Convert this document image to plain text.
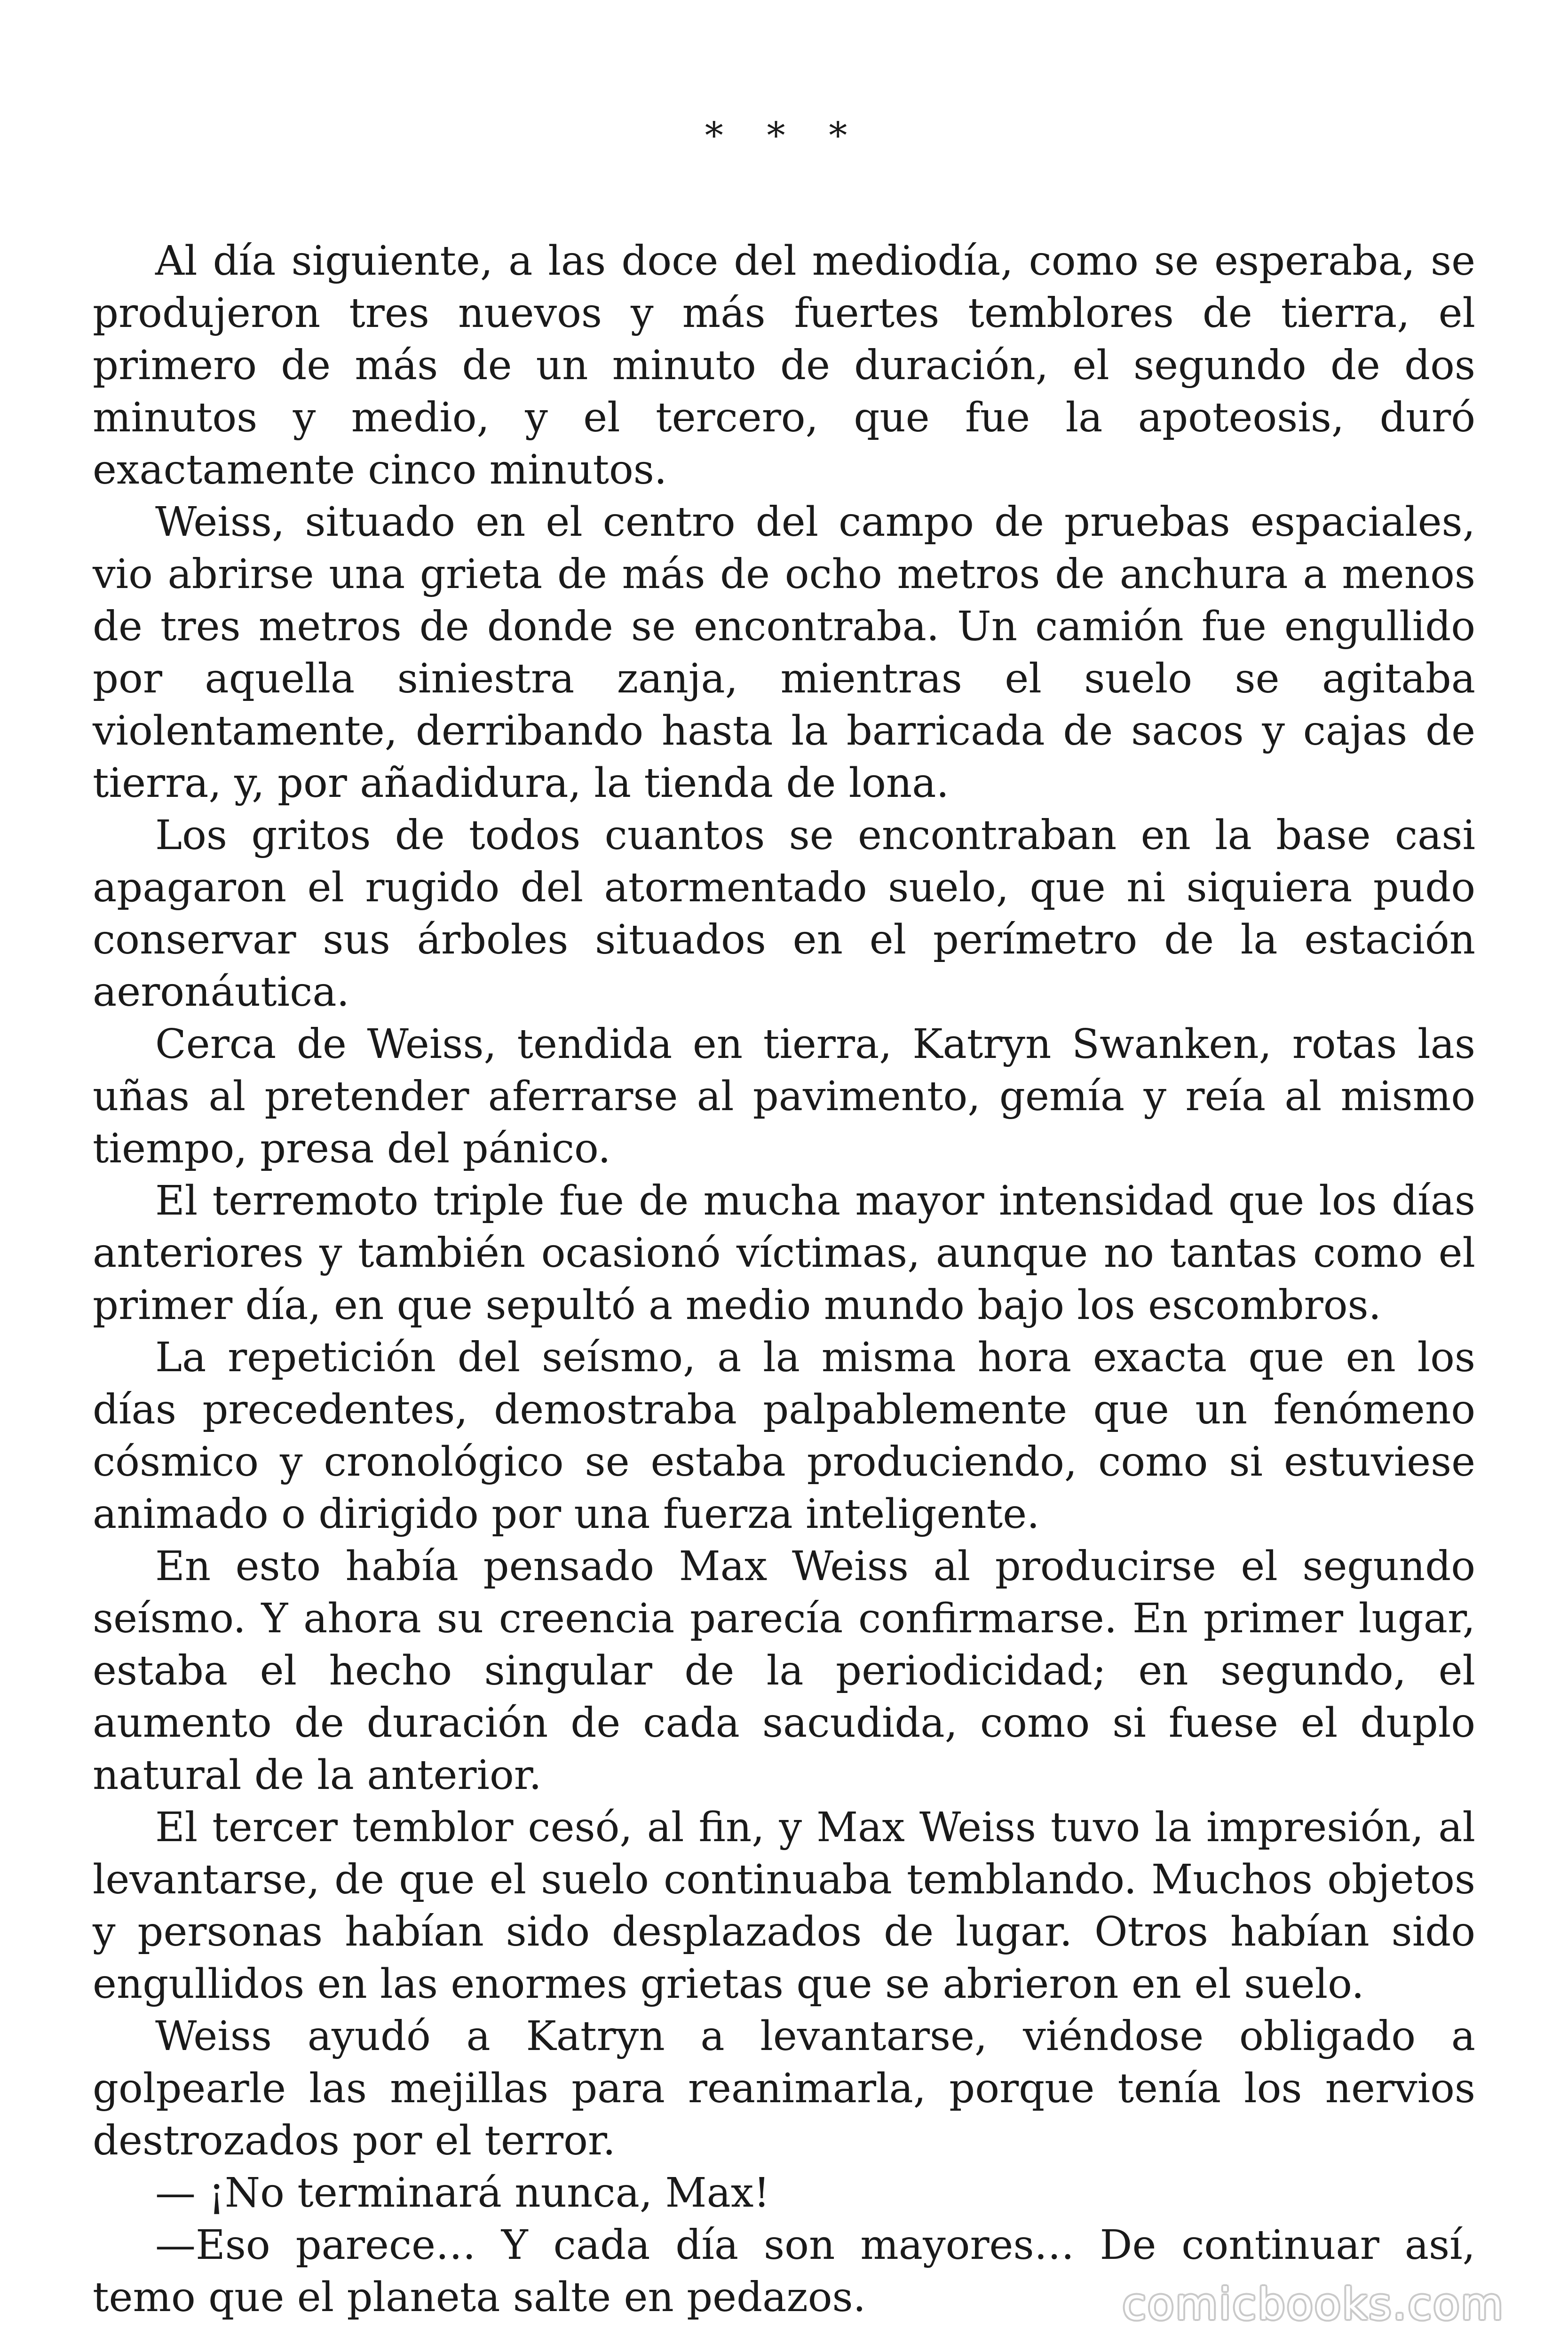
* * *

Al día siguiente, a las doce del mediodía, como se esperaba, se produjeron tres nuevos y más fuertes temblores de tierra, el primero de más de un minuto de duración, el segundo de dos minutos y medio, y el tercero, que fue la apoteosis, duró exactamente cinco minutos.

Weiss, situado en el centro del campo de pruebas espaciales, vio abrirse una grieta de más de ocho metros de anchura a menos de tres metros de donde se encontraba. Un camión fue engullido por aquella siniestra zanja, mientras el suelo se agitaba violentamente, derribando hasta la barricada de sacos y cajas de tierra, y, por añadidura, la tienda de lona.

Los gritos de todos cuantos se encontraban en la base casi apagaron el rugido del atormentado suelo, que ni siquiera pudo conservar sus árboles situados en el perímetro de la estación aeronáutica.

Cerca de Weiss, tendida en tierra, Katryn Swanken, rotas las uñas al pretender aferrarse al pavimento, gemía y reía al mismo tiempo, presa del pánico.

El terremoto triple fue de mucha mayor intensidad que los días anteriores y también ocasionó víctimas, aunque no tantas como el primer día, en que sepultó a medio mundo bajo los escombros.

La repetición del seísmo, a la misma hora exacta que en los días precedentes, demostraba palpablemente que un fenómeno cósmico y cronológico se estaba produciendo, como si estuviese animado o dirigido por una fuerza inteligente.

En esto había pensado Max Weiss al producirse el segundo seísmo. Y ahora su creencia parecía confirmarse. En primer lugar, estaba el hecho singular de la periodicidad; en segundo, el aumento de duración de cada sacudida, como si fuese el duplo natural de la anterior.

El tercer temblor cesó, al fin, y Max Weiss tuvo la impresión, al levantarse, de que el suelo continuaba temblando. Muchos objetos y personas habían sido desplazados de lugar. Otros habían sido engullidos en las enormes grietas que se abrieron en el suelo.

Weiss ayudó a Katryn a levantarse, viéndose obligado a golpearle las mejillas para reanimarla, porque tenía los nervios destrozados por el terror.

— ¡No terminará nunca, Max!

—Eso parece… Y cada día son mayores… De continuar así, temo que el planeta salte en pedazos.	comicbooks.com
